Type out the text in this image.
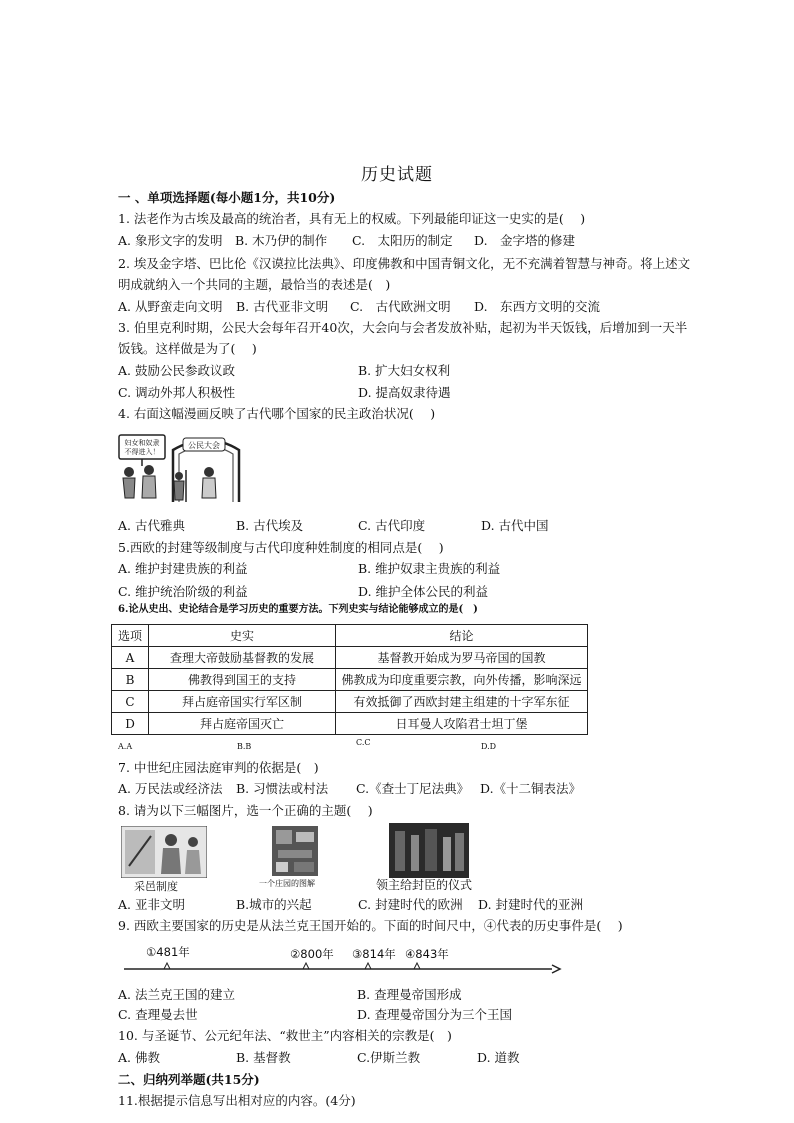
历史试题
一 、单项选择题(每小题1分，共10分)
1. 法老作为古埃及最高的统治者，具有无上的权威。下列最能印证这一史实的是(　 )
A. 象形文字的发明 B. 木乃伊的制作 C.　太阳历的制定 D.　金字塔的修建
2. 埃及金字塔、巴比伦《汉谟拉比法典》、印度佛教和中国青铜文化，无不充满着智慧与神奇。将上述文
明成就纳入一个共同的主题，最恰当的表述是(　)
A. 从野蛮走向文明 B. 古代亚非文明 C.　古代欧洲文明 D.　东西方文明的交流
3. 伯里克利时期，公民大会每年召开40次，大会向与会者发放补贴，起初为半天饭钱，后增加到一天半
饭钱。这样做是为了(　 )
A. 鼓励公民参政议政	B. 扩大妇女权利
C. 调动外邦人积极性	D. 提高奴隶待遇
4. 右面这幅漫画反映了古代哪个国家的民主政治状况(　 )
妇女和奴隶
不得进入！
公民大会
A. 古代雅典	B. 古代埃及	C. 古代印度	D. 古代中国
5.西欧的封建等级制度与古代印度种姓制度的相同点是(　 )
A. 维护封建贵族的利益	B. 维护奴隶主贵族的利益
C. 维护统治阶级的利益	D. 维护全体公民的利益
6.论从史出、史论结合是学习历史的重要方法。下列史实与结论能够成立的是(　)
选项	史实	结论
A	查理大帝鼓励基督教的发展	基督教开始成为罗马帝国的国教
B	佛教得到国王的支持	佛教成为印度重要宗教，向外传播，影响深远
C	拜占庭帝国实行军区制	有效抵御了西欧封建主组建的十字军东征
D	拜占庭帝国灭亡	日耳曼人攻陷君士坦丁堡
A.A	B.B	C.C	D.D
7. 中世纪庄园法庭审判的依据是(　)
A. 万民法或经济法 B. 习惯法或村法 C.《查士丁尼法典》 D.《十二铜表法》
8. 请为以下三幅图片，选一个正确的主题(　 )
采邑制度	一个庄园的图解	领主给封臣的仪式
A. 亚非文明	B.城市的兴起	C. 封建时代的欧洲 D. 封建时代的亚洲
9. 西欧主要国家的历史是从法兰克王国开始的。下面的时间尺中，④代表的历史事件是(　 )
①481年	②800年 ③814年 ④843年
A. 法兰克王国的建立	B. 查理曼帝国形成
C. 查理曼去世	D. 查理曼帝国分为三个王国
10. 与圣诞节、公元纪年法、“救世主”内容相关的宗教是(　)
A. 佛教	B. 基督教	C.伊斯兰教	D. 道教
二、归纳列举题(共15分)
11.根据提示信息写出相对应的内容。(4分)
